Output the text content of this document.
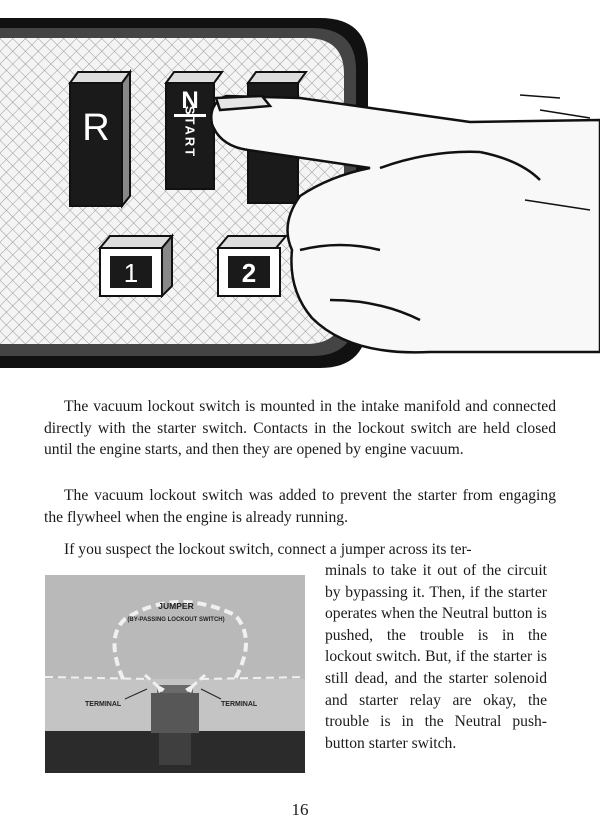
R
N
START
1	2

The vacuum lockout switch is mounted in the intake manifold and connected directly with the starter switch. Contacts in the lockout switch are held closed until the engine starts, and then they are opened by engine vacuum.

The vacuum lockout switch was added to prevent the starter from engaging the flywheel when the engine is already running.

If you suspect the lockout switch, connect a jumper across its ter-

minals to take it out of the circuit by bypassing it. Then, if the starter operates when the Neutral button is pushed, the trouble is in the lockout switch. But, if the starter is still dead, and the starter solenoid and starter relay are okay, the trouble is in the Neutral push-button starter switch.

JUMPER
(BY-PASSING LOCKOUT SWITCH)
TERMINAL	TERMINAL
16
